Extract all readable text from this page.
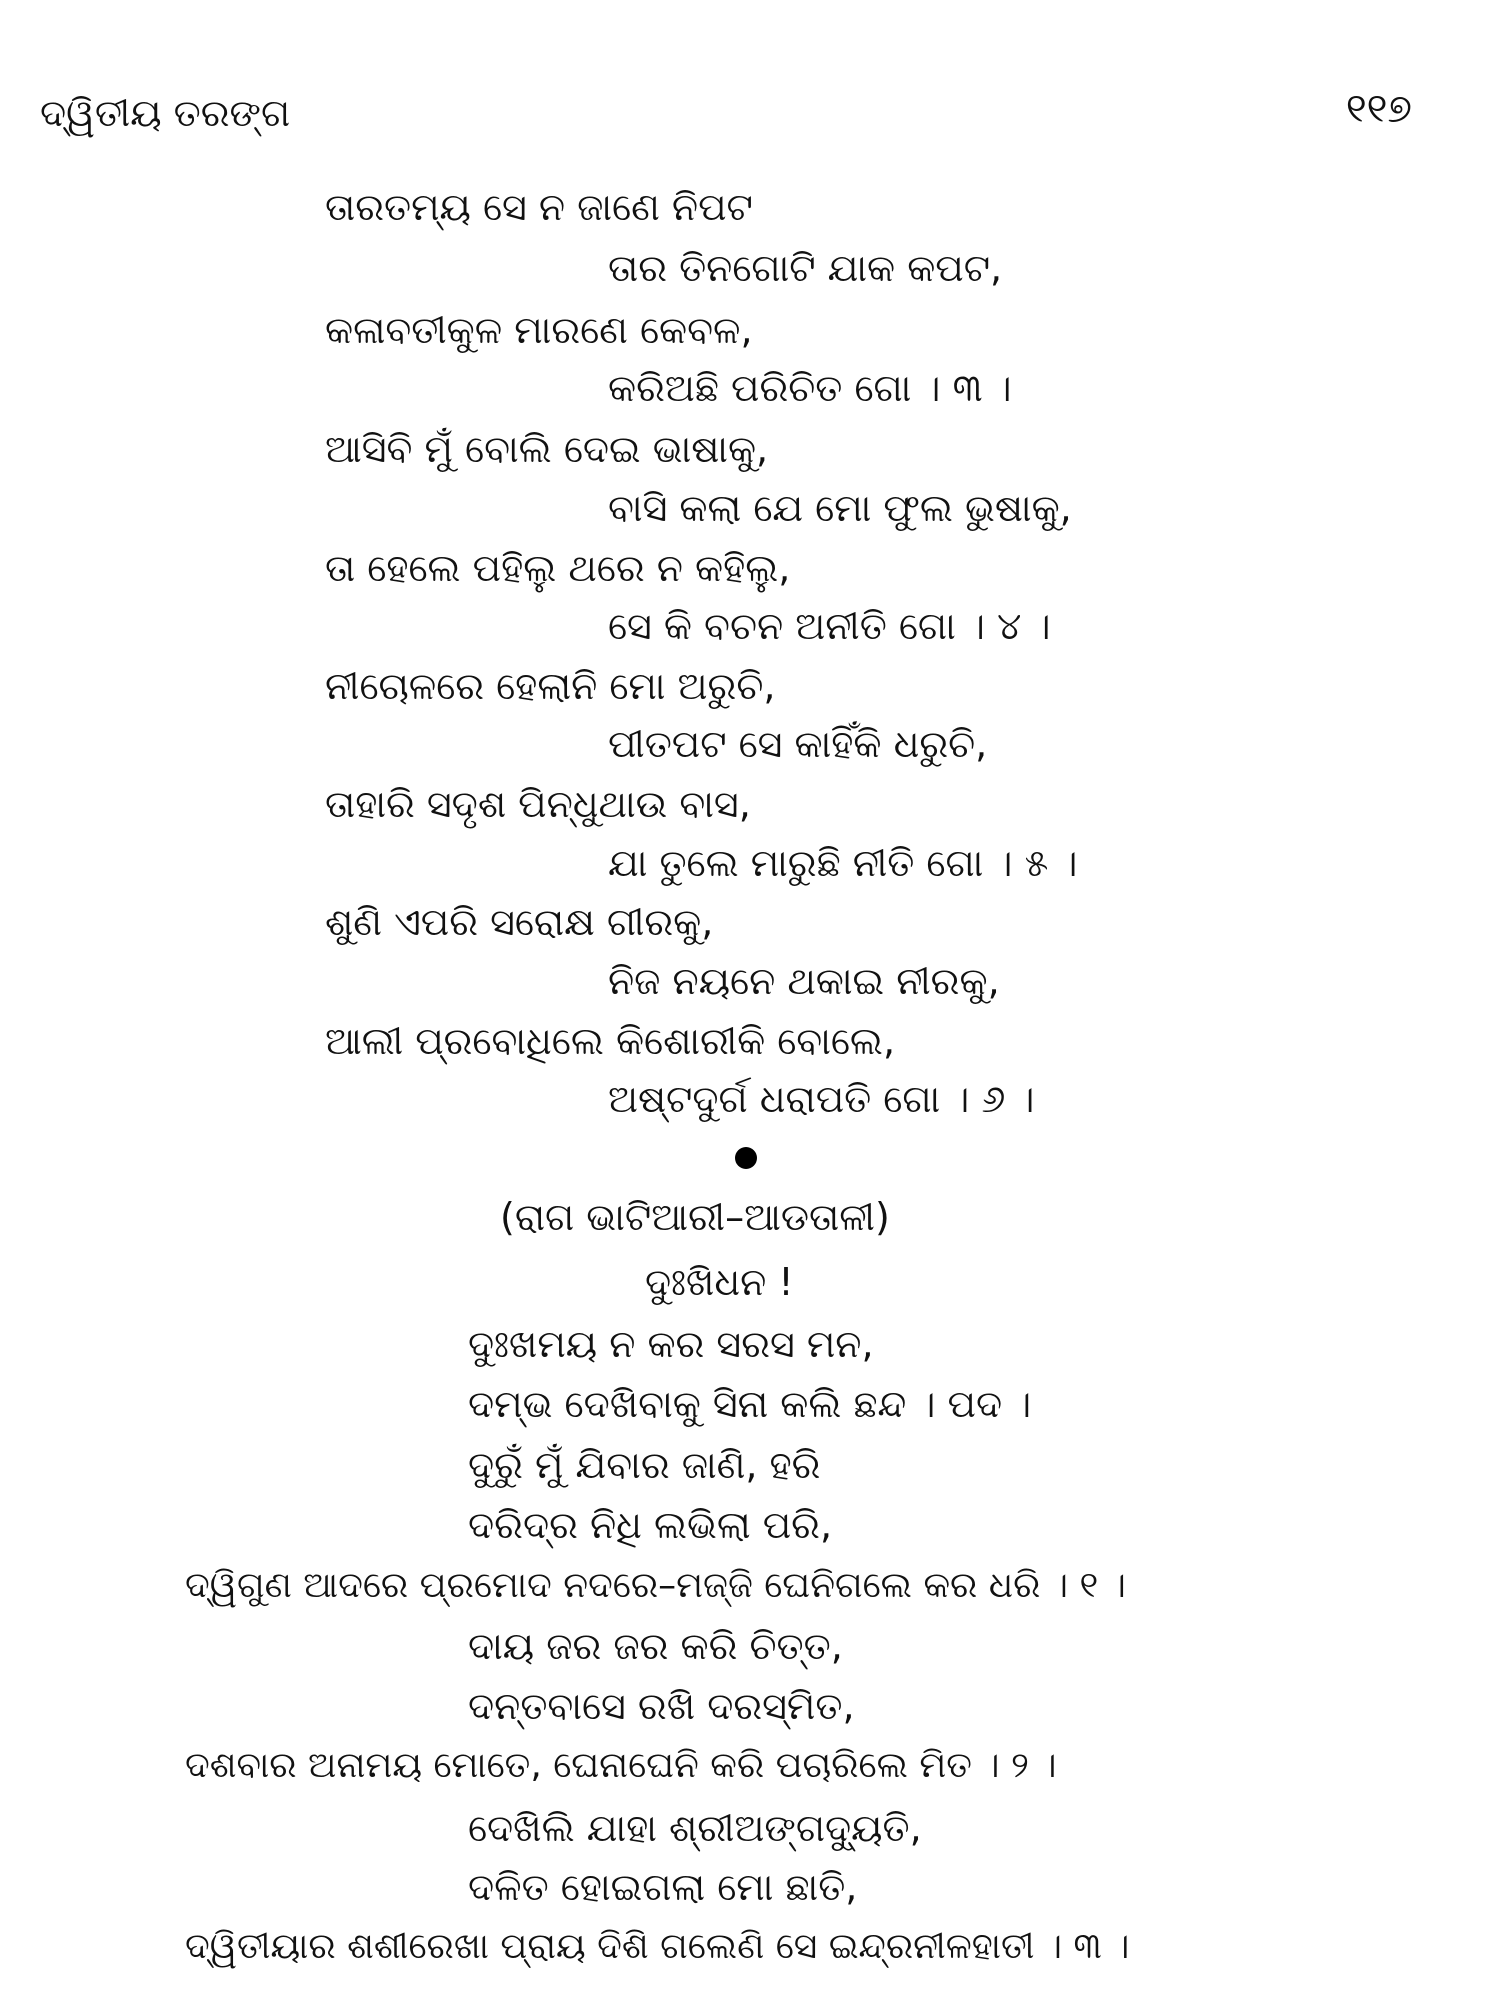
ଦ୍ୱିତୀୟ ତରଙ୍ଗ	୧୧୭
ତାରତମ୍ୟ ସେ ନ ଜାଣେ ନିପଟ
ତାର ତିନଗୋଟି ଯାକ କପଟ,
କଳାବତୀକୁଳ ମାରଣେ କେବଳ,
କରିଅଛି ପରିଚିତ ଗୋ । ୩ ।
ଆସିବି ମୁଁ ବୋଲି ଦେଇ ଭାଷାକୁ,
ବାସି କଲା ଯେ ମୋ ଫୁଲ ଭୁଷାକୁ,
ତା ହେଲେ ପହିଲୁ ଥରେ ନ କହିଲୁ,
ସେ କି ବଚନ ଅନୀତି ଗୋ । ୪ ।
ନୀଚୋଳରେ ହେଲାନି ମୋ ଅରୁଚି,
ପୀତପଟ ସେ କାହିଁକି ଧରୁଚି,
ତାହାରି ସଦୃଶ ପିନ୍ଧୁଥାଉ ବାସ,
ଯା ତୁଲେ ମାରୁଛି ନୀତି ଗୋ । ୫ ।
ଶୁଣି ଏପରି ସରୋକ୍ଷ ଗୀରକୁ,
ନିଜ ନୟନେ ଥକାଇ ନୀରକୁ,
ଆଲୀ ପ୍ରବୋଧିଲେ କିଶୋରୀକି ବୋଲେ,
ଅଷ୍ଟଦୁର୍ଗ ଧରାପତି ଗୋ । ୬ ।
(ରାଗ ଭାଟିଆରୀ–ଆଡତାଳୀ)
ଦୁଃଖିଧନ !
ଦୁଃଖମୟ ନ କର ସରସ ମନ,
ଦମ୍ଭ ଦେଖିବାକୁ ସିନା କଲି ଛନ୍ଦ । ପଦ ।
ଦୁରୁଁ ମୁଁ ଯିବାର ଜାଣି, ହରି
ଦରିଦ୍ର ନିଧି ଲଭିଲା ପରି,
ଦ୍ୱିଗୁଣ ଆଦରେ ପ୍ରମୋଦ ନଦରେ–ମଜ୍ଜି ଘେନିଗଲେ କର ଧରି । ୧ ।
ଦାୟ ଜର ଜର କରି ଚିତ୍ତ,
ଦନ୍ତବାସେ ରଖି ଦରସ୍ମିତ,
ଦଶବାର ଅନାମୟ ମୋତେ, ଘେନାଘେନି କରି ପଚାରିଲେ ମିତ । ୨ ।
ଦେଖିଲି ଯାହା ଶ୍ରୀଅଙ୍ଗଦ୍ୟୁତି,
ଦଳିତ ହୋଇଗଲା ମୋ ଛାତି,
ଦ୍ୱିତୀୟାର ଶଶୀରେଖା ପ୍ରାୟ ଦିଶି ଗଲେଣି ସେ ଇନ୍ଦ୍ରନୀଳହାତୀ । ୩ ।
